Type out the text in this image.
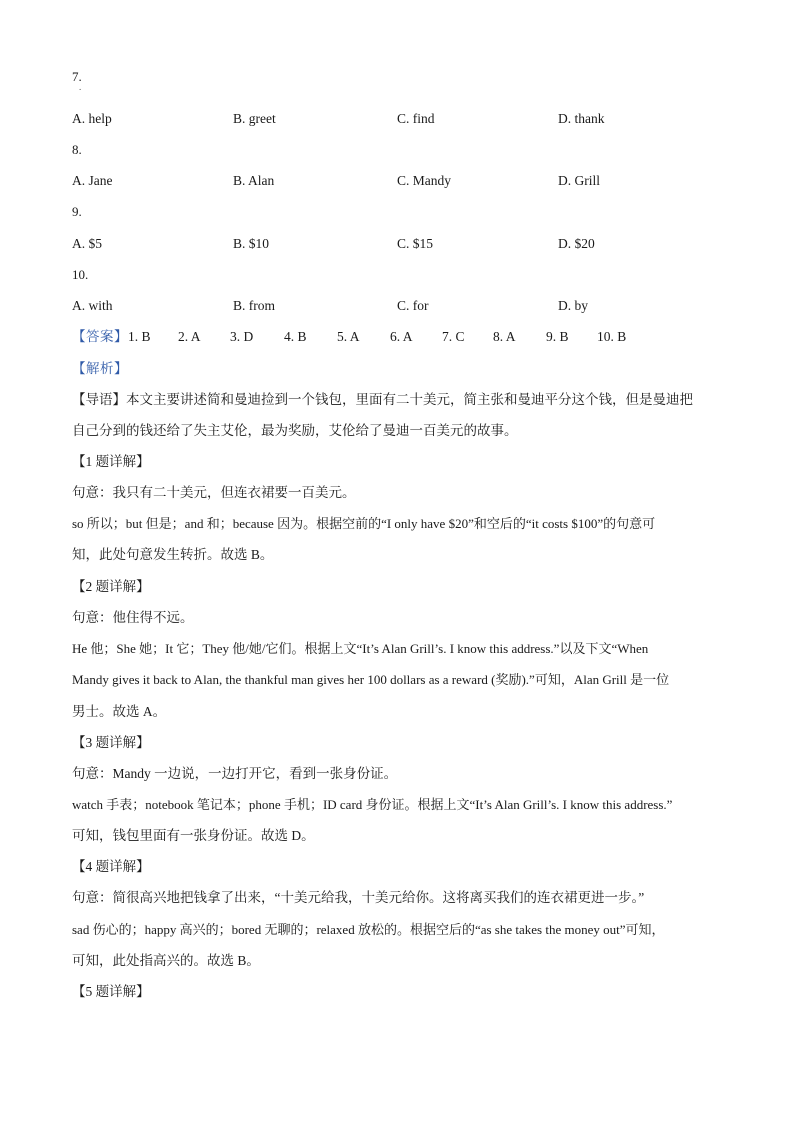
7.
.
A. help	B. greet	C. find	D. thank
8.
A. Jane	B. Alan	C. Mandy	D. Grill
9.
A. $5	B. $10	C. $15	D. $20
10.
A. with	B. from	C. for	D. by
【答案】1. B 2. A 3. D 4. B 5. A 6. A 7. C 8. A 9. B 10. B
【解析】
【导语】本文主要讲述简和曼迪捡到一个钱包，里面有二十美元，简主张和曼迪平分这个钱，但是曼迪把
自己分到的钱还给了失主艾伦，最为奖励，艾伦给了曼迪一百美元的故事。
【1 题详解】
句意：我只有二十美元，但连衣裙要一百美元。
so 所以；but 但是；and 和；because 因为。根据空前的“I only have $20”和空后的“it costs $100”的句意可
知，此处句意发生转折。故选 B。
【2 题详解】
句意：他住得不远。
He 他；She 她；It 它；They 他/她/它们。根据上文“It’s Alan Grill’s. I know this address.”以及下文“When
Mandy gives it back to Alan, the thankful man gives her 100 dollars as a reward (奖励).”可知，Alan Grill 是一位
男士。故选 A。
【3 题详解】
句意：Mandy 一边说，一边打开它，看到一张身份证。
watch 手表；notebook 笔记本；phone 手机；ID card 身份证。根据上文“It’s Alan Grill’s. I know this address.”
可知，钱包里面有一张身份证。故选 D。
【4 题详解】
句意：简很高兴地把钱拿了出来，“十美元给我，十美元给你。这将离买我们的连衣裙更进一步。”
sad 伤心的；happy 高兴的；bored 无聊的；relaxed 放松的。根据空后的“as she takes the money out”可知，
可知，此处指高兴的。故选 B。
【5 题详解】
